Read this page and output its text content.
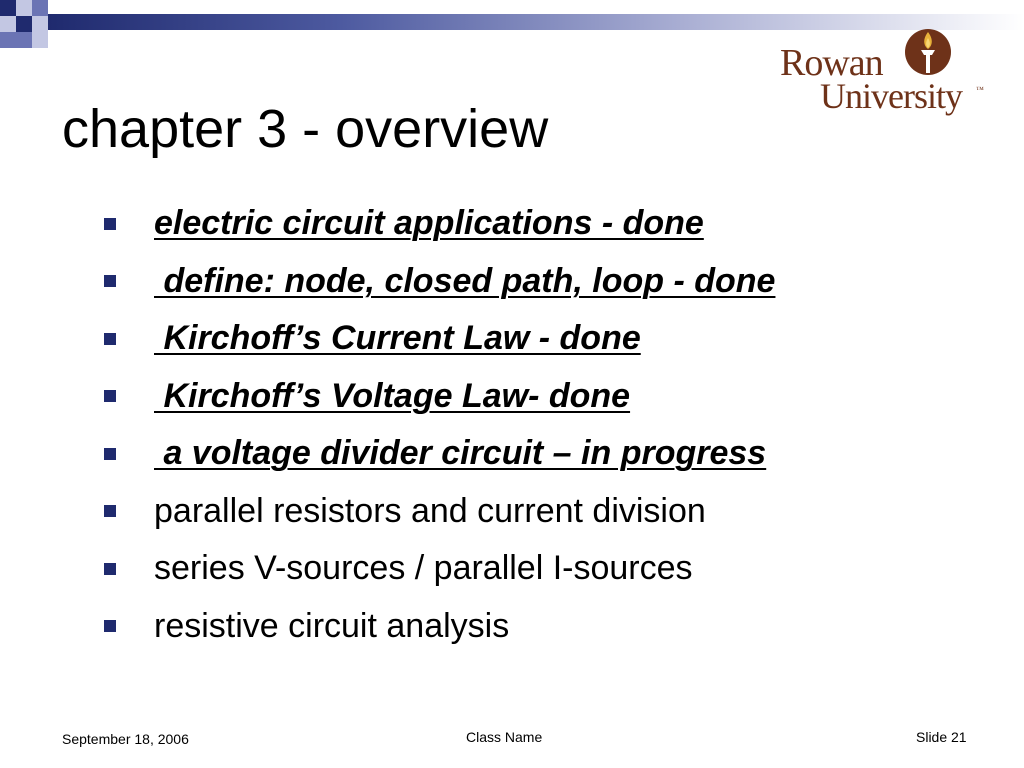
Rowan
University ™
chapter 3 - overview
electric circuit applications - done
define: node, closed path, loop - done
Kirchoff’s Current Law - done
Kirchoff’s Voltage Law- done
a voltage divider circuit – in progress
parallel resistors and current division
series V-sources / parallel I-sources
resistive circuit analysis
September 18, 2006	Class Name	Slide 21
